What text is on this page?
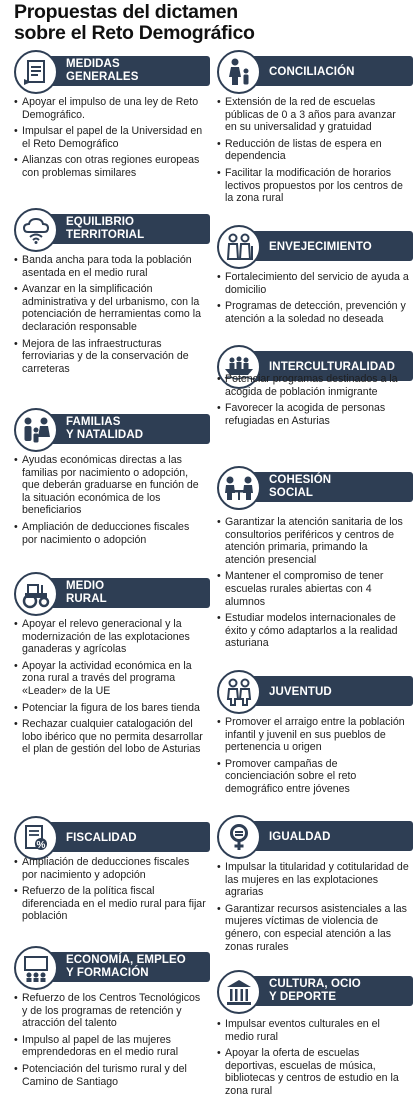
Propuestas del dictamen
sobre el Reto Demográfico
MEDIDAS
GENERALES
• Apoyar el impulso de una ley de Reto Demográfico.
• Impulsar el papel de la Universidad en el Reto Demográfico
• Alianzas con otras regiones europeas con problemas similares
EQUILIBRIO
TERRITORIAL
• Banda ancha para toda la población asentada en el medio rural
• Avanzar en la simplificación administrativa y del urbanismo, con la potenciación de herramientas como la declaración responsable
• Mejora de las infraestructuras ferroviarias y de la conservación de carreteras
FAMILIAS
Y NATALIDAD
• Ayudas económicas directas a las familias por nacimiento o adopción, que deberán graduarse en función de la situación económica de los beneficiarios
• Ampliación de deducciones fiscales por nacimiento o adopción
MEDIO
RURAL
• Apoyar el relevo generacional y la modernización de las explotaciones ganaderas y agrícolas
• Apoyar la actividad económica en la zona rural a través del programa «Leader» de la UE
• Potenciar la figura de los bares tienda
• Rechazar cualquier catalogación del lobo ibérico que no permita desarrollar el plan de gestión del lobo de Asturias
%
FISCALIDAD
• Ampliación de deducciones fiscales por nacimiento y adopción
• Refuerzo de la política fiscal diferenciada en el medio rural para fijar población
ECONOMÍA, EMPLEO
Y FORMACIÓN
• Refuerzo de los Centros Tecnológicos y de los programas de retención y atracción del talento
• Impulso al papel de las mujeres emprendedoras en el medio rural
• Potenciación del turismo rural y del Camino de Santiago
CONCILIACIÓN
• Extensión de la red de escuelas públicas de 0 a 3 años para avanzar en su universalidad y gratuidad
• Reducción de listas de espera en dependencia
• Facilitar la modificación de horarios lectivos propuestos por los centros de la zona rural
ENVEJECIMIENTO
• Fortalecimiento del servicio de ayuda a domicilio
• Programas de detección, prevención y atención a la soledad no deseada
INTERCULTURALIDAD
• Potenciar programas destinados a la acogida de población inmigrante
• Favorecer la acogida de personas refugiadas en Asturias
COHESIÓN
SOCIAL
• Garantizar la atención sanitaria de los consultorios periféricos y centros de atención primaria, primando la atención presencial
• Mantener el compromiso de tener escuelas rurales abiertas con 4 alumnos
• Estudiar modelos internacionales de éxito y cómo adaptarlos a la realidad asturiana
JUVENTUD
• Promover el arraigo entre la población infantil y juvenil en sus pueblos de pertenencia u origen
• Promover campañas de concienciación sobre el reto demográfico entre jóvenes
IGUALDAD
• Impulsar la titularidad y cotitularidad de las mujeres en las explotaciones agrarias
• Garantizar recursos asistenciales a las mujeres víctimas de violencia de género, con especial atención a las zonas rurales
CULTURA, OCIO
Y DEPORTE
• Impulsar eventos culturales en el medio rural
• Apoyar la oferta de escuelas deportivas, escuelas de música, bibliotecas y centros de estudio en la zona rural
